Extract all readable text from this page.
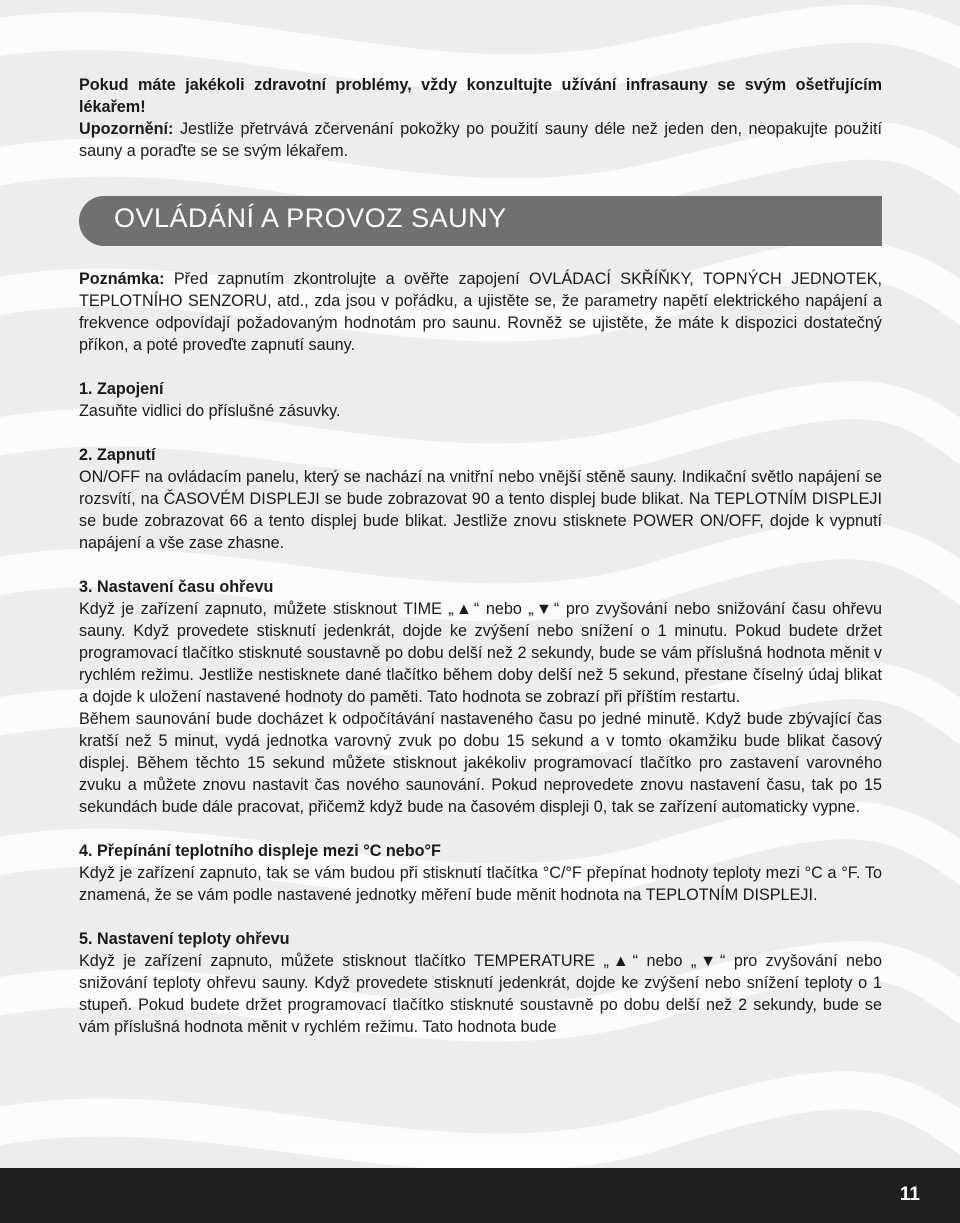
Pokud máte jakékoli zdravotní problémy, vždy konzultujte užívání infrasauny se svým ošetřujícím lékařem!
Upozornění: Jestliže přetrvává zčervenání pokožky po použití sauny déle než jeden den, neopakujte použití sauny a poraďte se se svým lékařem.

OVLÁDÁNÍ A PROVOZ SAUNY

Poznámka: Před zapnutím zkontrolujte a ověřte zapojení OVLÁDACÍ SKŘÍŇKY, TOPNÝCH JEDNOTEK, TEPLOTNÍHO SENZORU, atd., zda jsou v pořádku, a ujistěte se, že parametry napětí elektrického napájení a frekvence odpovídají požadovaným hodnotám pro saunu. Rovněž se ujistěte, že máte k dispozici dostatečný příkon, a poté proveďte zapnutí sauny.

1. Zapojení

Zasuňte vidlici do příslušné zásuvky.

2. Zapnutí

ON/OFF na ovládacím panelu, který se nachází na vnitřní nebo vnější stěně sauny. Indikační světlo napájení se rozsvítí, na ČASOVÉM DISPLEJI se bude zobrazovat 90 a tento displej bude blikat. Na TEPLOTNÍM DISPLEJI se bude zobrazovat 66 a tento displej bude blikat. Jestliže znovu stisknete POWER ON/OFF, dojde k vypnutí napájení a vše zase zhasne.

3. Nastavení času ohřevu

Když je zařízení zapnuto, můžete stisknout TIME „▲“ nebo „▼“ pro zvyšování nebo snižování času ohřevu sauny. Když provedete stisknutí jedenkrát, dojde ke zvýšení nebo snížení o 1 minutu. Pokud budete držet programovací tlačítko stisknuté soustavně po dobu delší než 2 sekundy, bude se vám příslušná hodnota měnit v rychlém režimu. Jestliže nestisknete dané tlačítko během doby delší než 5 sekund, přestane číselný údaj blikat a dojde k uložení nastavené hodnoty do paměti. Tato hodnota se zobrazí při příštím restartu.

Během saunování bude docházet k odpočítávání nastaveného času po jedné minutě. Když bude zbývající čas kratší než 5 minut, vydá jednotka varovný zvuk po dobu 15 sekund a v tomto okamžiku bude blikat časový displej. Během těchto 15 sekund můžete stisknout jakékoliv programovací tlačítko pro zastavení varovného zvuku a můžete znovu nastavit čas nového saunování. Pokud neprovedete znovu nastavení času, tak po 15 sekundách bude dále pracovat, přičemž když bude na časovém displeji 0, tak se zařízení automaticky vypne.

4. Přepínání teplotního displeje mezi °C nebo°F

Když je zařízení zapnuto, tak se vám budou při stisknutí tlačítka °C/°F přepínat hodnoty teploty mezi °C a °F. To znamená, že se vám podle nastavené jednotky měření bude měnit hodnota na TEPLOTNÍM DISPLEJI.

5. Nastavení teploty ohřevu

Když je zařízení zapnuto, můžete stisknout tlačítko TEMPERATURE „▲“ nebo „▼“ pro zvyšování nebo snižování teploty ohřevu sauny. Když provedete stisknutí jedenkrát, dojde ke zvýšení nebo snížení teploty o 1 stupeň. Pokud budete držet programovací tlačítko stisknuté soustavně po dobu delší než 2 sekundy, bude se vám příslušná hodnota měnit v rychlém režimu. Tato hodnota bude

11
